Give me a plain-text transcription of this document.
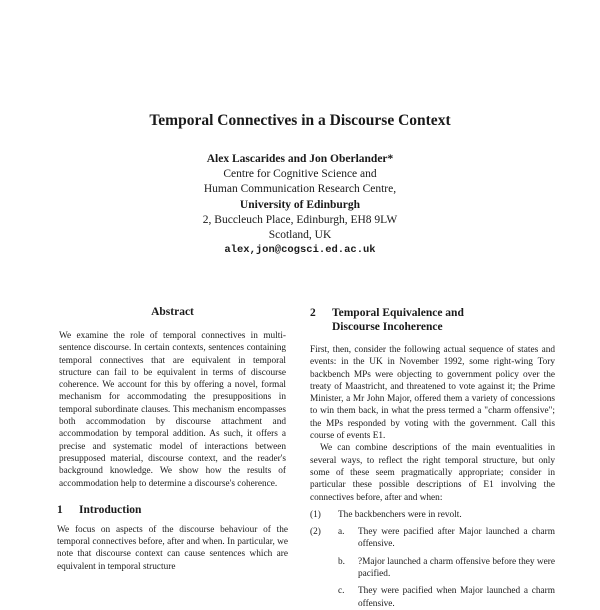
Temporal Connectives in a Discourse Context
Alex Lascarides and Jon Oberlander*
Centre for Cognitive Science and
Human Communication Research Centre,
University of Edinburgh
2, Buccleuch Place, Edinburgh, EH8 9LW
Scotland, UK
alex,jon@cogsci.ed.ac.uk
Abstract

We examine the role of temporal connectives in multi-sentence discourse. In certain contexts, sentences containing temporal connectives that are equivalent in temporal structure can fail to be equivalent in terms of discourse coherence. We account for this by offering a novel, formal mechanism for accommodating the presuppositions in temporal subordinate clauses. This mechanism encompasses both accommodation by discourse attachment and accommodation by temporal addition. As such, it offers a precise and systematic model of interactions between presupposed material, discourse context, and the reader's background knowledge. We show how the results of accommodation help to determine a discourse's coherence.

1	Introduction

We focus on aspects of the discourse behaviour of the temporal connectives before, after and when. In particular, we note that discourse context can cause sentences which are equivalent in temporal structure

2	Temporal Equivalence and
Discourse Incoherence

First, then, consider the following actual sequence of states and events: in the UK in November 1992, some right-wing Tory backbench MPs were objecting to government policy over the treaty of Maastricht, and threatened to vote against it; the Prime Minister, a Mr John Major, offered them a variety of concessions to win them back, in what the press termed a "charm offensive"; the MPs responded by voting with the government. Call this course of events E1.

We can combine descriptions of the main eventualities in several ways, to reflect the right temporal structure, but only some of these seem pragmatically appropriate; consider in particular these possible descriptions of E1 involving the connectives before, after and when:

(1)	The backbenchers were in revolt.
(2)	a.	They were pacified after Major launched a charm offensive.
b.	?Major launched a charm offensive before they were pacified.
c.	They were pacified when Major launched a charm offensive.
